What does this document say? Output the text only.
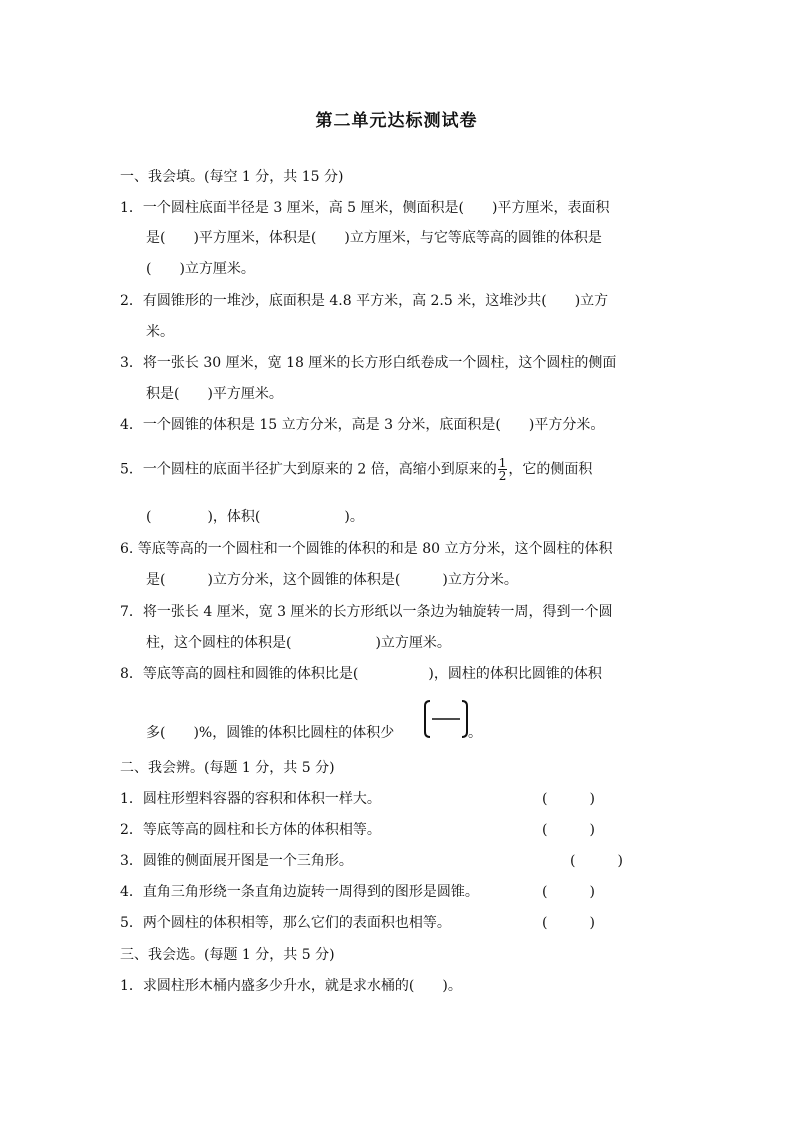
第二单元达标测试卷
一、我会填。(每空 1 分，共 15 分)
1．一个圆柱底面半径是 3 厘米，高 5 厘米，侧面积是(　　)平方厘米，表面积
是(　　)平方厘米，体积是(　　)立方厘米，与它等底等高的圆锥的体积是
(　　)立方厘米。
2．有圆锥形的一堆沙，底面积是 4.8 平方米，高 2.5 米，这堆沙共(　　)立方
米。
3．将一张长 30 厘米，宽 18 厘米的长方形白纸卷成一个圆柱，这个圆柱的侧面
积是(　　)平方厘米。
4．一个圆锥的体积是 15 立方分米，高是 3 分米，底面积是(　　)平方分米。
5．一个圆柱的底面半径扩大到原来的 2 倍，高缩小到原来的 $\frac{1}{2}$ ，它的侧面积
(　　　　)，体积(　　　　　　)。
6. 等底等高的一个圆柱和一个圆锥的体积的和是 80 立方分米，这个圆柱的体积
是(　　　)立方分米，这个圆锥的体积是(　　　)立方分米。
7．将一张长 4 厘米，宽 3 厘米的长方形纸以一条边为轴旋转一周，得到一个圆
柱，这个圆柱的体积是(　　　　　　)立方厘米。
8．等底等高的圆柱和圆锥的体积比是(　　　　　)，圆柱的体积比圆锥的体积
多(　　)%，圆锥的体积比圆柱的体积少	。
二、我会辨。(每题 1 分，共 5 分)
1．圆柱形塑料容器的容积和体积一样大。	(　　　)
2．等底等高的圆柱和长方体的体积相等。	(　　　)
3．圆锥的侧面展开图是一个三角形。	(　　　)
4．直角三角形绕一条直角边旋转一周得到的图形是圆锥。	(　　　)
5．两个圆柱的体积相等，那么它们的表面积也相等。	(　　　)
三、我会选。(每题 1 分，共 5 分)
1．求圆柱形木桶内盛多少升水，就是求水桶的(　　)。
